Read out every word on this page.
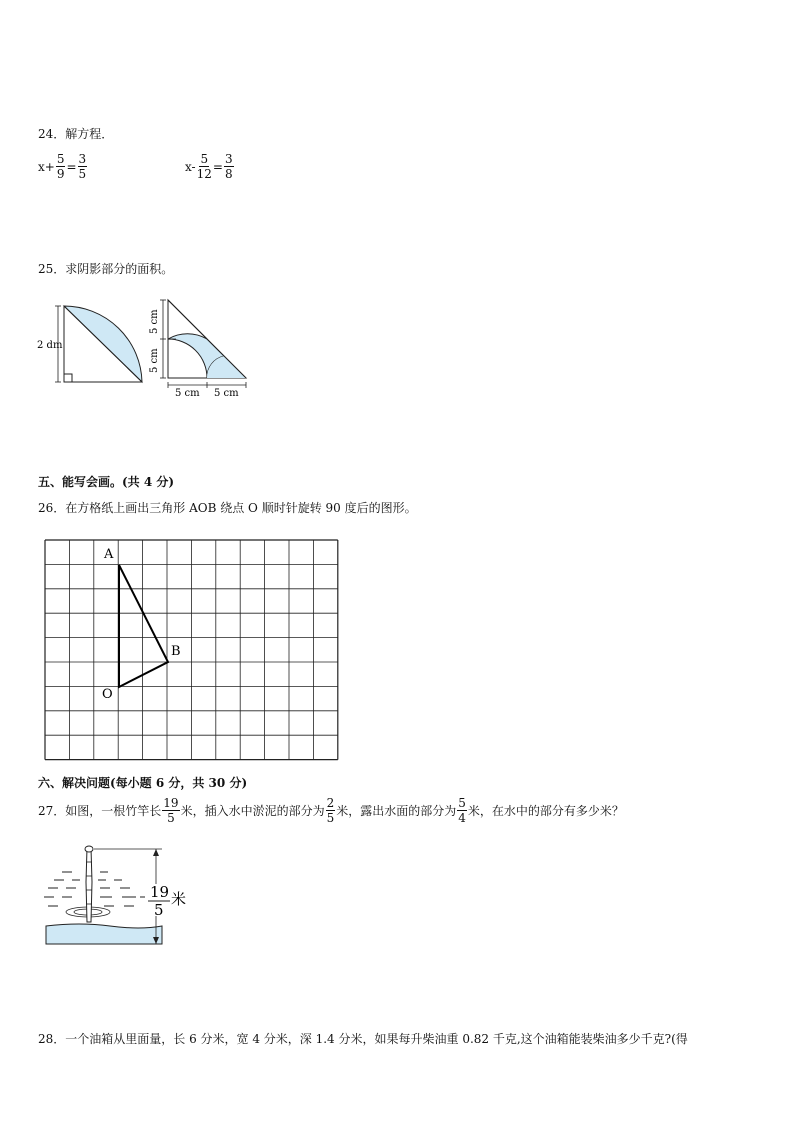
24．解方程．
$x+ \frac{5}{9} = \frac{3}{5}$	$x- \frac{5}{12} = \frac{3}{8}$
25．求阴影部分的面积。
2 dm
5 cm
5 cm
5 cm 5 cm
五、能写会画。(共 4 分)
26．在方格纸上画出三角形 AOB 绕点 O 顺时针旋转 90 度后的图形。
A
B
O
六、解决问题(每小题 6 分，共 30 分)
27．如图，一根竹竿长 $\frac{19}{5}$ 米，插入水中淤泥的部分为 $\frac{2}{5}$ 米，露出水面的部分为 $\frac{5}{4}$ 米，在水中的部分有多少米？
19
5
米
28．一个油箱从里面量，长 6 分米，宽 4 分米，深 1.4 分米，如果每升柴油重 0.82 千克,这个油箱能装柴油多少千克?(得
